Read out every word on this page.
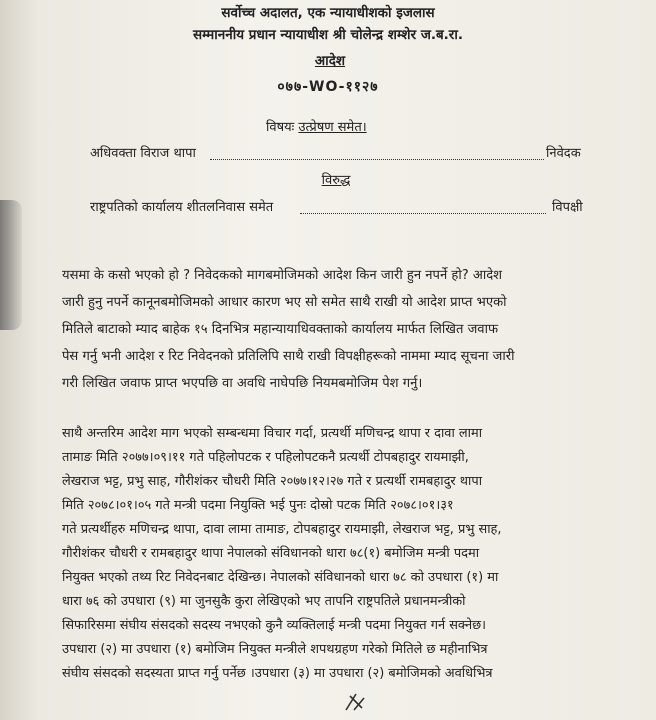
सर्वोच्च अदालत, एक न्यायाधीशको इजलास
सम्माननीय प्रधान न्यायाधीश श्री चोलेन्द्र शम्शेर ज.ब.रा.
आदेश
०७७-WO-११२७
विषयः उत्प्रेषण समेत।
अधिवक्ता विराज थापा	निवेदक
विरुद्ध
राष्ट्रपतिको कार्यालय शीतलनिवास समेत	विपक्षी
यसमा के कसो भएको हो ? निवेदकको मागबमोजिमको आदेश किन जारी हुन नपर्ने हो? आदेश
जारी हुनु नपर्ने कानूनबमोजिमको आधार कारण भए सो समेत साथै राखी यो आदेश प्राप्त भएको
मितिले बाटाको म्याद बाहेक १५ दिनभित्र महान्यायाधिवक्ताको कार्यालय मार्फत लिखित जवाफ
पेस गर्नु भनी आदेश र रिट निवेदनको प्रतिलिपि साथै राखी विपक्षीहरूको नाममा म्याद सूचना जारी
गरी लिखित जवाफ प्राप्त भएपछि वा अवधि नाघेपछि नियमबमोजिम पेश गर्नु।
साथै अन्तरिम आदेश माग भएको सम्बन्धमा विचार गर्दा, प्रत्यर्थी मणिचन्द्र थापा र दावा लामा
तामाङ मिति २०७७।०९।११ गते पहिलोपटक र पहिलोपटकनै प्रत्यर्थी टोपबहादुर रायमाझी,
लेखराज भट्ट, प्रभु साह, गौरीशंकर चौधरी मिति २०७७।१२।२७ गते र प्रत्यर्थी रामबहादुर थापा
मिति २०७८।०१।०५ गते मन्त्री पदमा नियुक्ति भई पुनः दोस्रो पटक मिति २०७८।०१।३१
गते प्रत्यर्थीहरु मणिचन्द्र थापा, दावा लामा तामाङ, टोपबहादुर रायमाझी, लेखराज भट्ट, प्रभु साह,
गौरीशंकर चौधरी र रामबहादुर थापा नेपालको संविधानको धारा ७८(१) बमोजिम मन्त्री पदमा
नियुक्त भएको तथ्य रिट निवेदनबाट देखिन्छ। नेपालको संविधानको धारा ७८ को उपधारा (१) मा
धारा ७६ को उपधारा (९) मा जुनसुकै कुरा लेखिएको भए तापनि राष्ट्रपतिले प्रधानमन्त्रीको
सिफारिसमा संघीय संसदको सदस्य नभएको कुनै व्यक्तिलाई मन्त्री पदमा नियुक्त गर्न सक्नेछ।
उपधारा (२) मा उपधारा (१) बमोजिम नियुक्त मन्त्रीले शपथग्रहण गरेको मितिले छ महीनाभित्र
संघीय संसदको सदस्यता प्राप्त गर्नु पर्नेछ ।उपधारा (३) मा उपधारा (२) बमोजिमको अवधिभित्र
